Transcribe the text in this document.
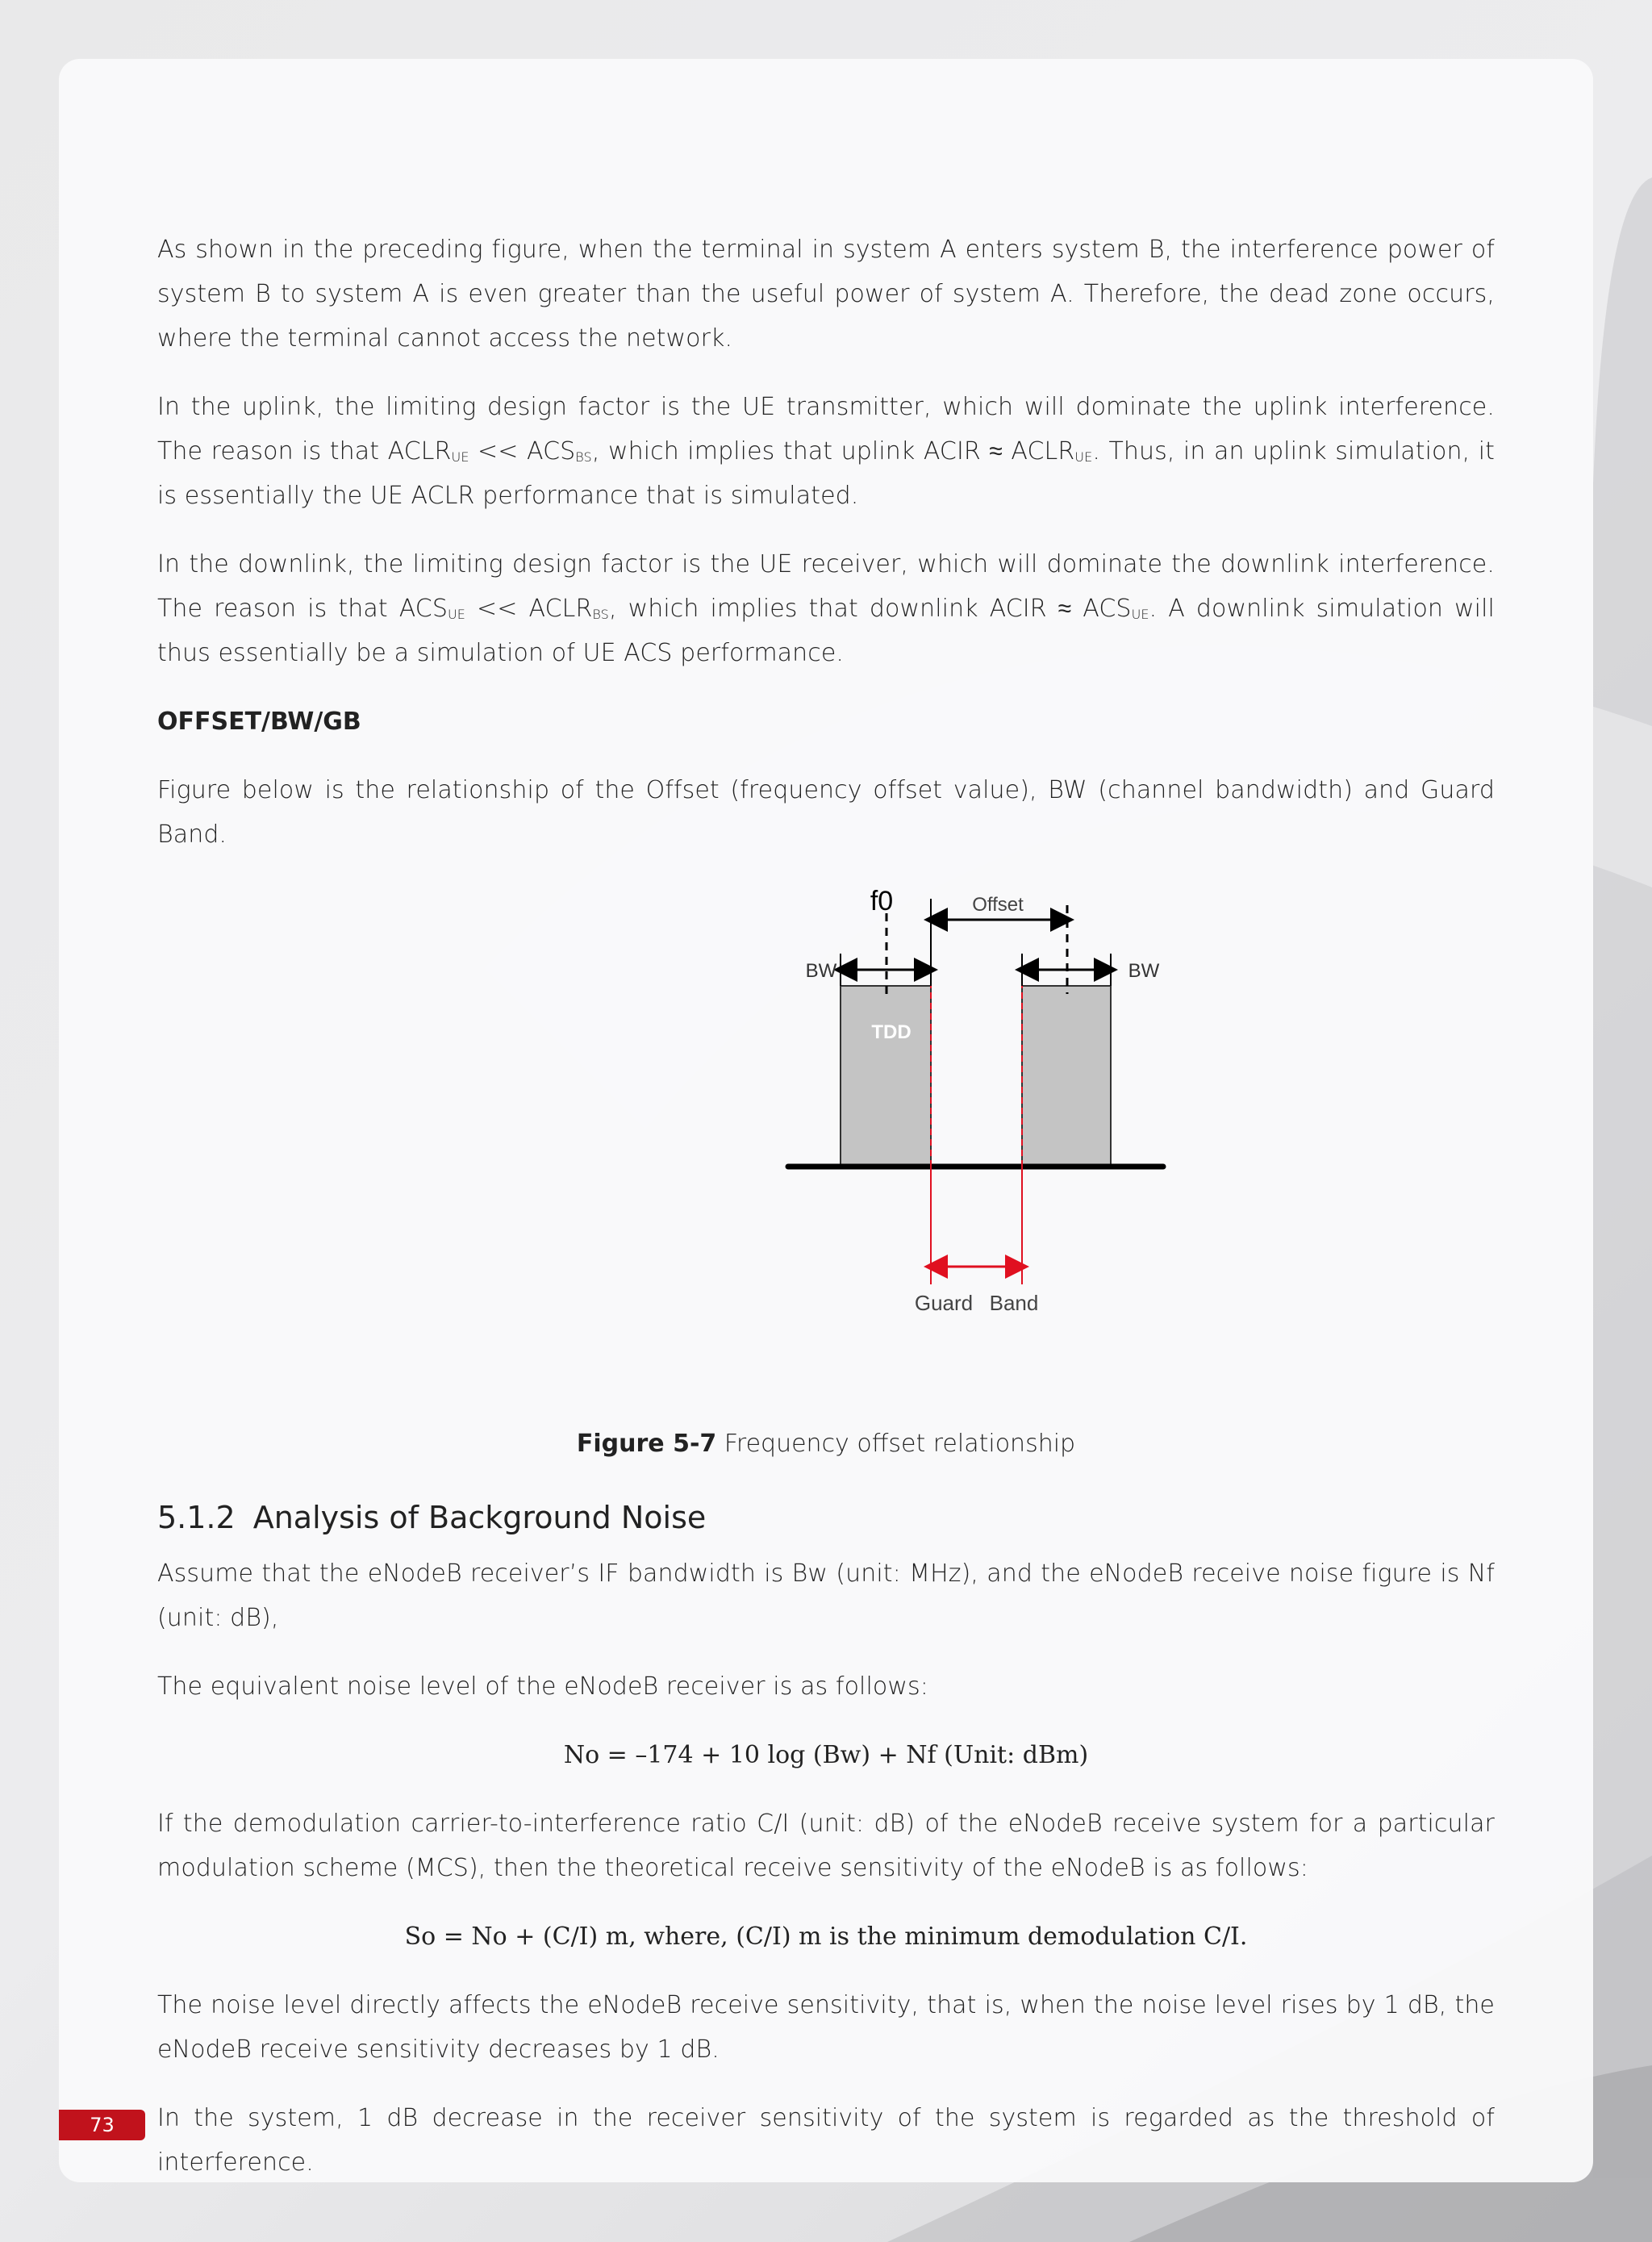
As shown in the preceding figure, when the terminal in system A enters system B, the interference power of system B to system A is even greater than the useful power of system A. Therefore, the dead zone occurs, where the terminal cannot access the network.

In the uplink, the limiting design factor is the UE transmitter, which will dominate the uplink interference. The reason is that $ACLR_{UE} << ACS_{BS}$, which implies that uplink ACIR ≈ $ACLR_{UE}$. Thus, in an uplink simulation, it is essentially the UE ACLR performance that is simulated.

In the downlink, the limiting design factor is the UE receiver, which will dominate the downlink interference. The reason is that $ACS_{UE}$ << $ACLR_{BS}$, which implies that downlink ACIR ≈ $ACS_{UE}$. A downlink simulation will thus essentially be a simulation of UE ACS performance.

OFFSET/BW/GB

Figure below is the relationship of the Offset (frequency offset value), BW (channel bandwidth) and Guard Band.

f0	Offset
BW	BW
TDD
Guard Band

Figure 5-7 Frequency offset relationship

5.1.2 Analysis of Background Noise

Assume that the eNodeB receiver’s IF bandwidth is Bw (unit: MHz), and the eNodeB receive noise figure is Nf (unit: dB),

The equivalent noise level of the eNodeB receiver is as follows:

No = –174 + 10 log (Bw) + Nf (Unit: dBm)

If the demodulation carrier-to-interference ratio C/I (unit: dB) of the eNodeB receive system for a particular modulation scheme (MCS), then the theoretical receive sensitivity of the eNodeB is as follows:

So = No + (C/I) m, where, (C/I) m is the minimum demodulation C/I.

The noise level directly affects the eNodeB receive sensitivity, that is, when the noise level rises by 1 dB, the eNodeB receive sensitivity decreases by 1 dB.

In the system, 1 dB decrease in the receiver sensitivity of the system is regarded as the threshold of interference.

73
